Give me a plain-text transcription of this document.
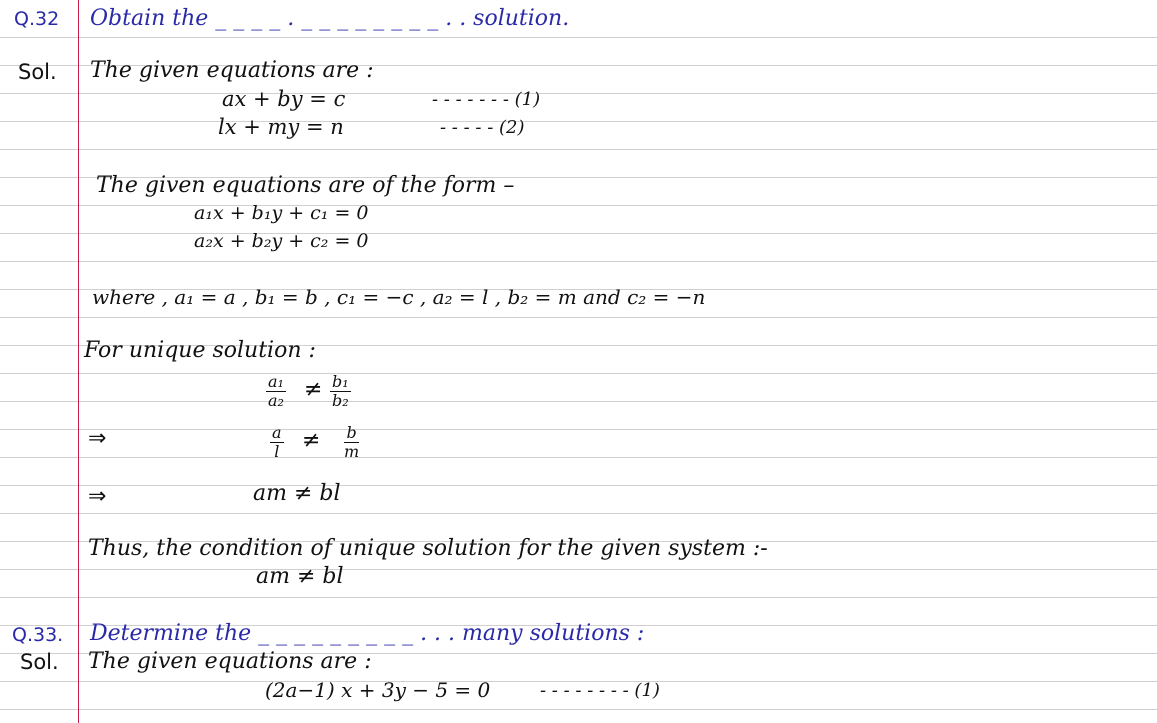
Q.32 Obtain the _ _ _ _ . _ _ _ _ _ _ _ _ . . solution.
Sol. The given equations are :
ax + by = c	- - - - - - - (1)
lx + my = n	- - - - - (2)
The given equations are of the form –
a₁x + b₁y + c₁ = 0
a₂x + b₂y + c₂ = 0
where , a₁ = a , b₁ = b , c₁ = −c , a₂ = l , b₂ = m and c₂ = −n
For unique solution :
$\frac{\text{a₁}}{\text{a₂}} \ne \frac{\text{b₁}}{\text{b₂}}$
⇒	$\frac{a}{l} \ne \frac{b}{m}$
⇒	am ≠ bl
Thus, the condition of unique solution for the given system :-
am ≠ bl
Q.33. Determine the _ _ _ _ _ _ _ _ _ . . . many solutions :
Sol. The given equations are :
(2a−1) x + 3y − 5 = 0	- - - - - - - - (1)
